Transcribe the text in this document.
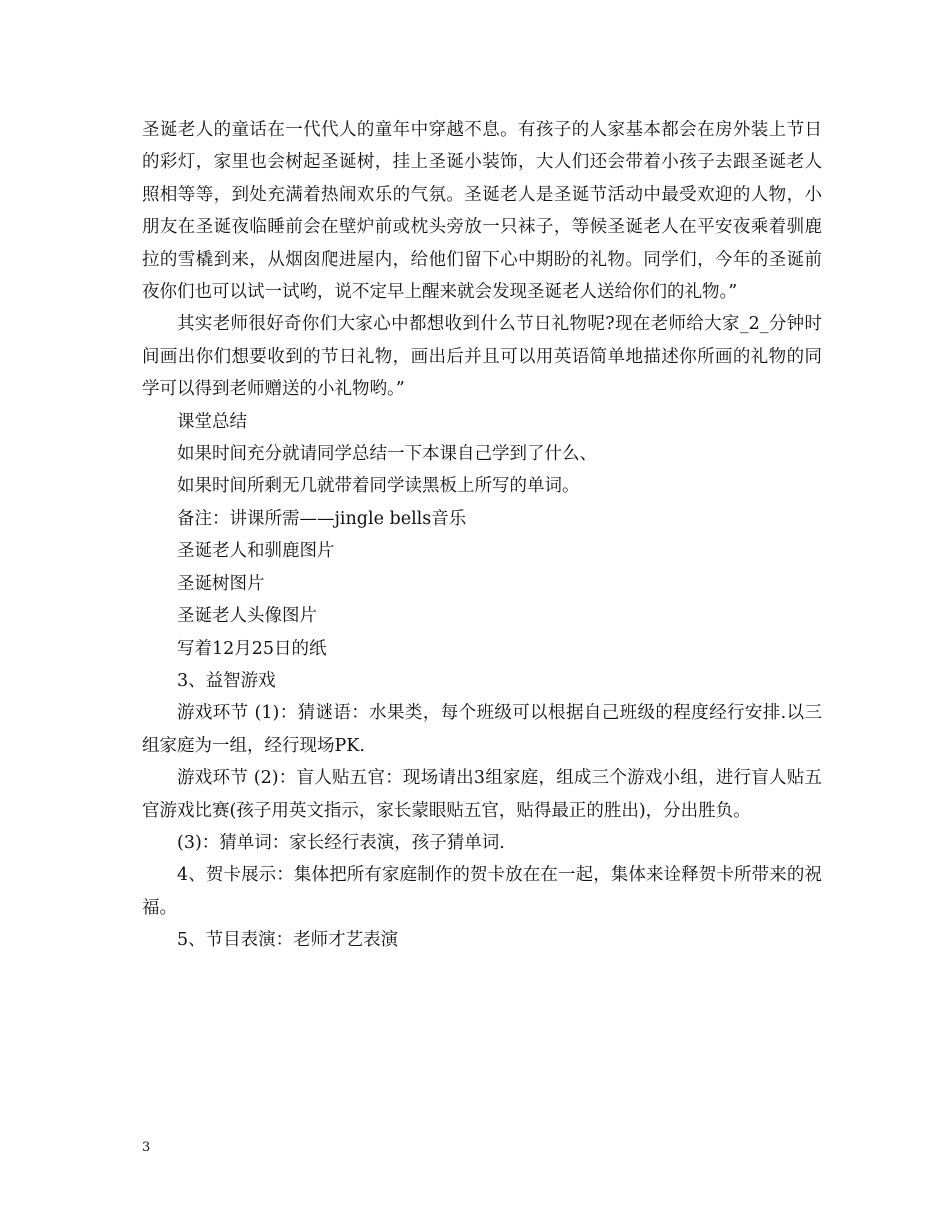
圣诞老人的童话在一代代人的童年中穿越不息。有孩子的人家基本都会在房外装上节日的彩灯，家里也会树起圣诞树，挂上圣诞小装饰，大人们还会带着小孩子去跟圣诞老人照相等等，到处充满着热闹欢乐的气氛。圣诞老人是圣诞节活动中最受欢迎的人物，小朋友在圣诞夜临睡前会在壁炉前或枕头旁放一只袜子，等候圣诞老人在平安夜乘着驯鹿拉的雪橇到来，从烟囱爬进屋内，给他们留下心中期盼的礼物。同学们，今年的圣诞前夜你们也可以试一试哟，说不定早上醒来就会发现圣诞老人送给你们的礼物。”

其实老师很好奇你们大家心中都想收到什么节日礼物呢?现在老师给大家_2_分钟时间画出你们想要收到的节日礼物，画出后并且可以用英语简单地描述你所画的礼物的同学可以得到老师赠送的小礼物哟。”

课堂总结

如果时间充分就请同学总结一下本课自己学到了什么、

如果时间所剩无几就带着同学读黑板上所写的单词。

备注：讲课所需——jingle bells音乐

圣诞老人和驯鹿图片

圣诞树图片

圣诞老人头像图片

写着12月25日的纸

3、益智游戏

游戏环节 (1)：猜谜语：水果类，每个班级可以根据自己班级的程度经行安排.以三组家庭为一组，经行现场PK.

游戏环节 (2)：盲人贴五官：现场请出3组家庭，组成三个游戏小组，进行盲人贴五官游戏比赛(孩子用英文指示，家长蒙眼贴五官，贴得最正的胜出)，分出胜负。

(3)：猜单词：家长经行表演，孩子猜单词.

4、贺卡展示：集体把所有家庭制作的贺卡放在在一起，集体来诠释贺卡所带来的祝福。

5、节目表演：老师才艺表演

3
